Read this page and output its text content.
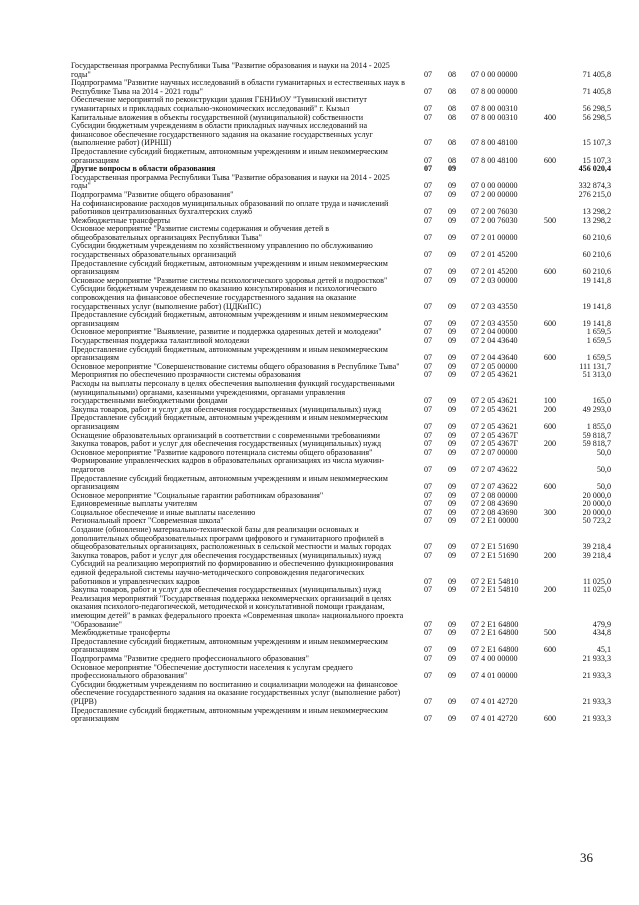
Государственная программа Республики Тыва "Развитие образования и науки на 2014 - 2025 годы"	07	08	07 0 00 00000	71 405,8
Подпрограмма "Развитие научных исследований в области гуманитарных и естественных наук в Республике Тыва на 2014 - 2021 годы"	07	08	07 8 00 00000	71 405,8
Обеспечение мероприятий по реконструкции здания ГБНИиОУ "Тувинский институт гуманитарных и прикладных социально-экономических исследований" г. Кызыл	07	08	07 8 00 00310	56 298,5
Капитальные вложения в объекты государственной (муниципальной) собственности	07	08	07 8 00 00310	400	56 298,5
Субсидии бюджетным учреждениям в области прикладных научных исследований на финансовое обеспечение государственного задания на оказание государственных услуг (выполнение работ) (ИРНШ)	07	08	07 8 00 48100	15 107,3
Предоставление субсидий бюджетным, автономным учреждениям и иным некоммерческим организациям	07	08	07 8 00 48100	600	15 107,3
Другие вопросы в области образования	07	09	456 020,4
Государственная программа Республики Тыва "Развитие образования и науки на 2014 - 2025 годы"	07	09	07 0 00 00000	332 874,3
Подпрограмма "Развитие общего образования"	07	09	07 2 00 00000	276 215,0
На софинансирование расходов муниципальных образований по оплате труда и начислений работников централизованных бухгалтерских служб	07	09	07 2 00 76030	13 298,2
Межбюджетные трансферты	07	09	07 2 00 76030	500	13 298,2
Основное мероприятие "Развитие системы содержания и обучения детей в общеобразовательных организациях Республики Тыва"	07	09	07 2 01 00000	60 210,6
Субсидии бюджетным учреждениям по хозяйственному управлению по обслуживанию государственных образовательных организаций	07	09	07 2 01 45200	60 210,6
Предоставление субсидий бюджетным, автономным учреждениям и иным некоммерческим организациям	07	09	07 2 01 45200	600	60 210,6
Основное мероприятие "Развитие системы психологического здоровья детей и подростков"	07	09	07 2 03 00000	19 141,8
Субсидии бюджетным учреждениям по оказанию консультирования и психологического сопровождения на финансовое обеспечение государственного задания на оказание государственных услуг (выполнение работ) (ЦДКиПС)	07	09	07 2 03 43550	19 141,8
Предоставление субсидий бюджетным, автономным учреждениям и иным некоммерческим организациям	07	09	07 2 03 43550	600	19 141,8
Основное мероприятие "Выявление, развитие и поддержка одаренных детей и молодежи"	07	09	07 2 04 00000	1 659,5
Государственная поддержка талантливой молодежи	07	09	07 2 04 43640	1 659,5
Предоставление субсидий бюджетным, автономным учреждениям и иным некоммерческим организациям	07	09	07 2 04 43640	600	1 659,5
Основное мероприятие "Совершенствование системы общего образования в Республике Тыва"	07	09	07 2 05 00000	111 131,7
Мероприятия по обеспечению прозрачности системы образования	07	09	07 2 05 43621	51 313,0
Расходы на выплаты персоналу в целях обеспечения выполнения функций государственными (муниципальными) органами, казенными учреждениями, органами управления государственными внебюджетными фондами	07	09	07 2 05 43621	100	165,0
Закупка товаров, работ и услуг для обеспечения государственных (муниципальных) нужд	07	09	07 2 05 43621	200	49 293,0
Предоставление субсидий бюджетным, автономным учреждениям и иным некоммерческим организациям	07	09	07 2 05 43621	600	1 855,0
Оснащение образовательных организаций в соответствии с современными требованиями	07	09	07 2 05 4367Г	59 818,7
Закупка товаров, работ и услуг для обеспечения государственных (муниципальных) нужд	07	09	07 2 05 4367Г	200	59 818,7
Основное мероприятие "Развитие кадрового потенциала системы общего образования"	07	09	07 2 07 00000	50,0
Формирование управленческих кадров в образовательных организациях из числа мужчин-педагогов	07	09	07 2 07 43622	50,0
Предоставление субсидий бюджетным, автономным учреждениям и иным некоммерческим организациям	07	09	07 2 07 43622	600	50,0
Основное мероприятие "Социальные гарантии работникам образования"	07	09	07 2 08 00000	20 000,0
Единовременные выплаты учителям	07	09	07 2 08 43690	20 000,0
Социальное обеспечение и иные выплаты населению	07	09	07 2 08 43690	300	20 000,0
Региональный проект "Современная школа"	07	09	07 2 E1 00000	50 723,2
Создание (обновление) материально-технической базы для реализации основных и дополнительных общеобразовательных программ цифрового и гуманитарного профилей в общеобразовательных организациях, расположенных в сельской местности и малых городах	07	09	07 2 E1 51690	39 218,4
Закупка товаров, работ и услуг для обеспечения государственных (муниципальных) нужд	07	09	07 2 E1 51690	200	39 218,4
Субсидий на реализацию мероприятий по формированию и обеспечению функционирования единой федеральной системы научно-методического сопровождения педагогических работников и управленческих кадров	07	09	07 2 E1 54810	11 025,0
Закупка товаров, работ и услуг для обеспечения государственных (муниципальных) нужд	07	09	07 2 E1 54810	200	11 025,0
Реализация мероприятий "Государственная поддержка некоммерческих организаций в целях оказания психолого-педагогической, методической и консультативной помощи гражданам, имеющим детей" в рамках федерального проекта «Современная школа» национального проекта "Образование"	07	09	07 2 E1 64800	479,9
Межбюджетные трансферты	07	09	07 2 E1 64800	500	434,8
Предоставление субсидий бюджетным, автономным учреждениям и иным некоммерческим организациям	07	09	07 2 E1 64800	600	45,1
Подпрограмма "Развитие среднего профессионального образования"	07	09	07 4 00 00000	21 933,3
Основное мероприятие "Обеспечение доступности населения к услугам среднего профессионального образования"	07	09	07 4 01 00000	21 933,3
Субсидии бюджетным учреждениям по воспитанию и социализации молодежи на финансовое обеспечение государственного задания на оказание государственных услуг (выполнение работ) (РЦРВ)	07	09	07 4 01 42720	21 933,3
Предоставление субсидий бюджетным, автономным учреждениям и иным некоммерческим организациям	07	09	07 4 01 42720	600	21 933,3
36
